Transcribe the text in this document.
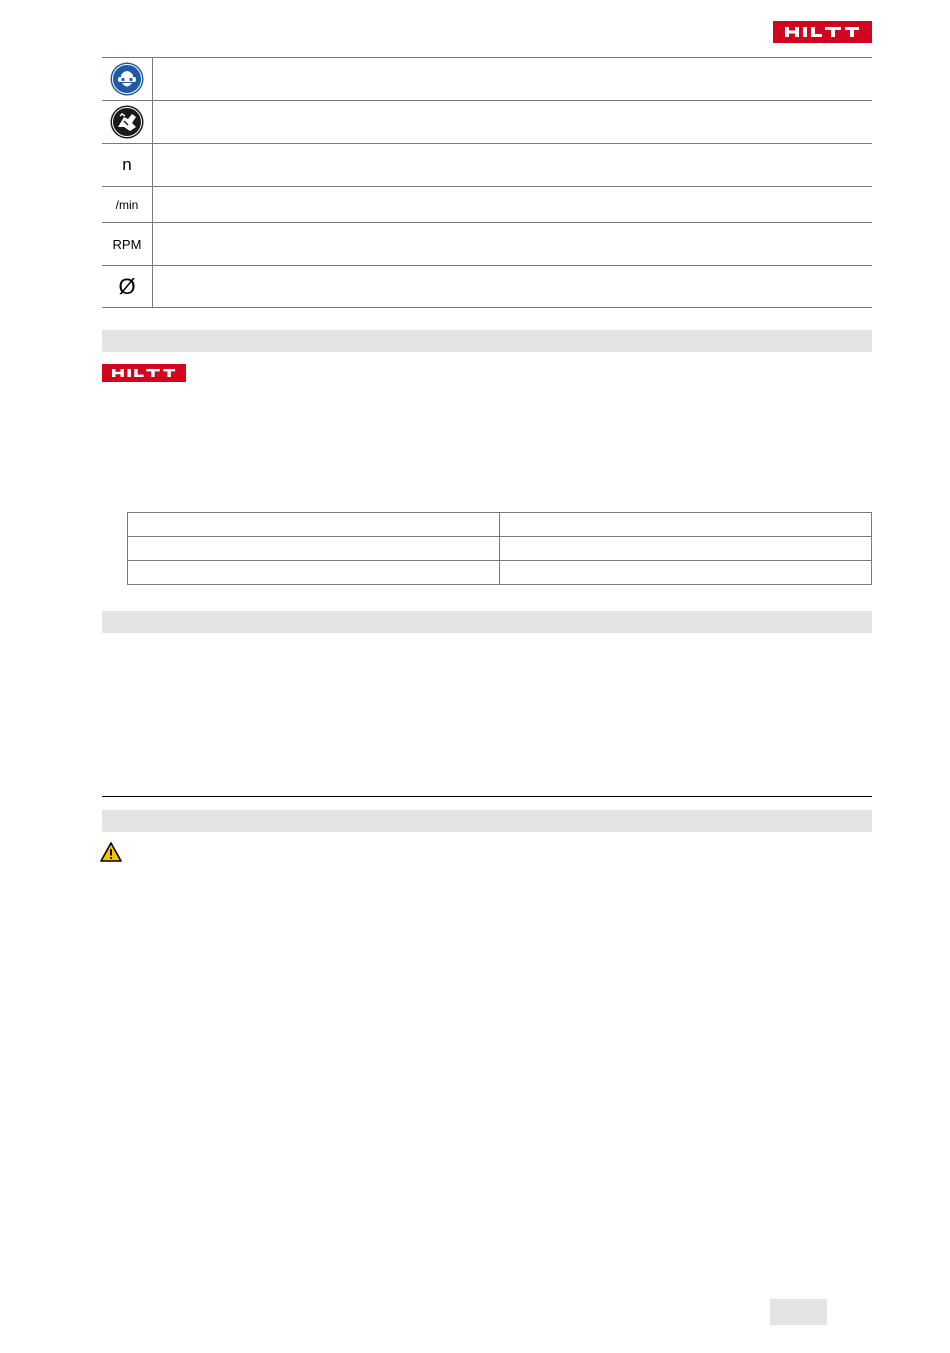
n
/min
RPM
Ø
